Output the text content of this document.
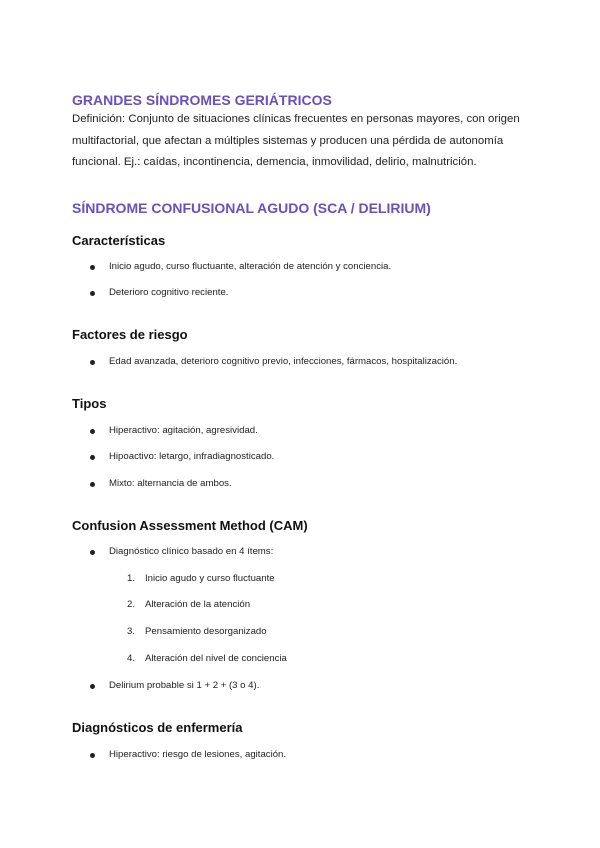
GRANDES SÍNDROMES GERIÁTRICOS
Definición: Conjunto de situaciones clínicas frecuentes en personas mayores, con origen
multifactorial, que afectan a múltiples sistemas y producen una pérdida de autonomía
funcional. Ej.: caídas, incontinencia, demencia, inmovilidad, delirio, malnutrición.
SÍNDROME CONFUSIONAL AGUDO (SCA / DELIRIUM)
Características
Inicio agudo, curso fluctuante, alteración de atención y conciencia.
Deterioro cognitivo reciente.
Factores de riesgo
Edad avanzada, deterioro cognitivo previo, infecciones, fármacos, hospitalización.
Tipos
Hiperactivo: agitación, agresividad.
Hipoactivo: letargo, infradiagnosticado.
Mixto: alternancia de ambos.
Confusion Assessment Method (CAM)
Diagnóstico clínico basado en 4 ítems:
1. Inicio agudo y curso fluctuante
2. Alteración de la atención
3. Pensamiento desorganizado
4. Alteración del nivel de conciencia
Delirium probable si 1 + 2 + (3 o 4).
Diagnósticos de enfermería
Hiperactivo: riesgo de lesiones, agitación.
